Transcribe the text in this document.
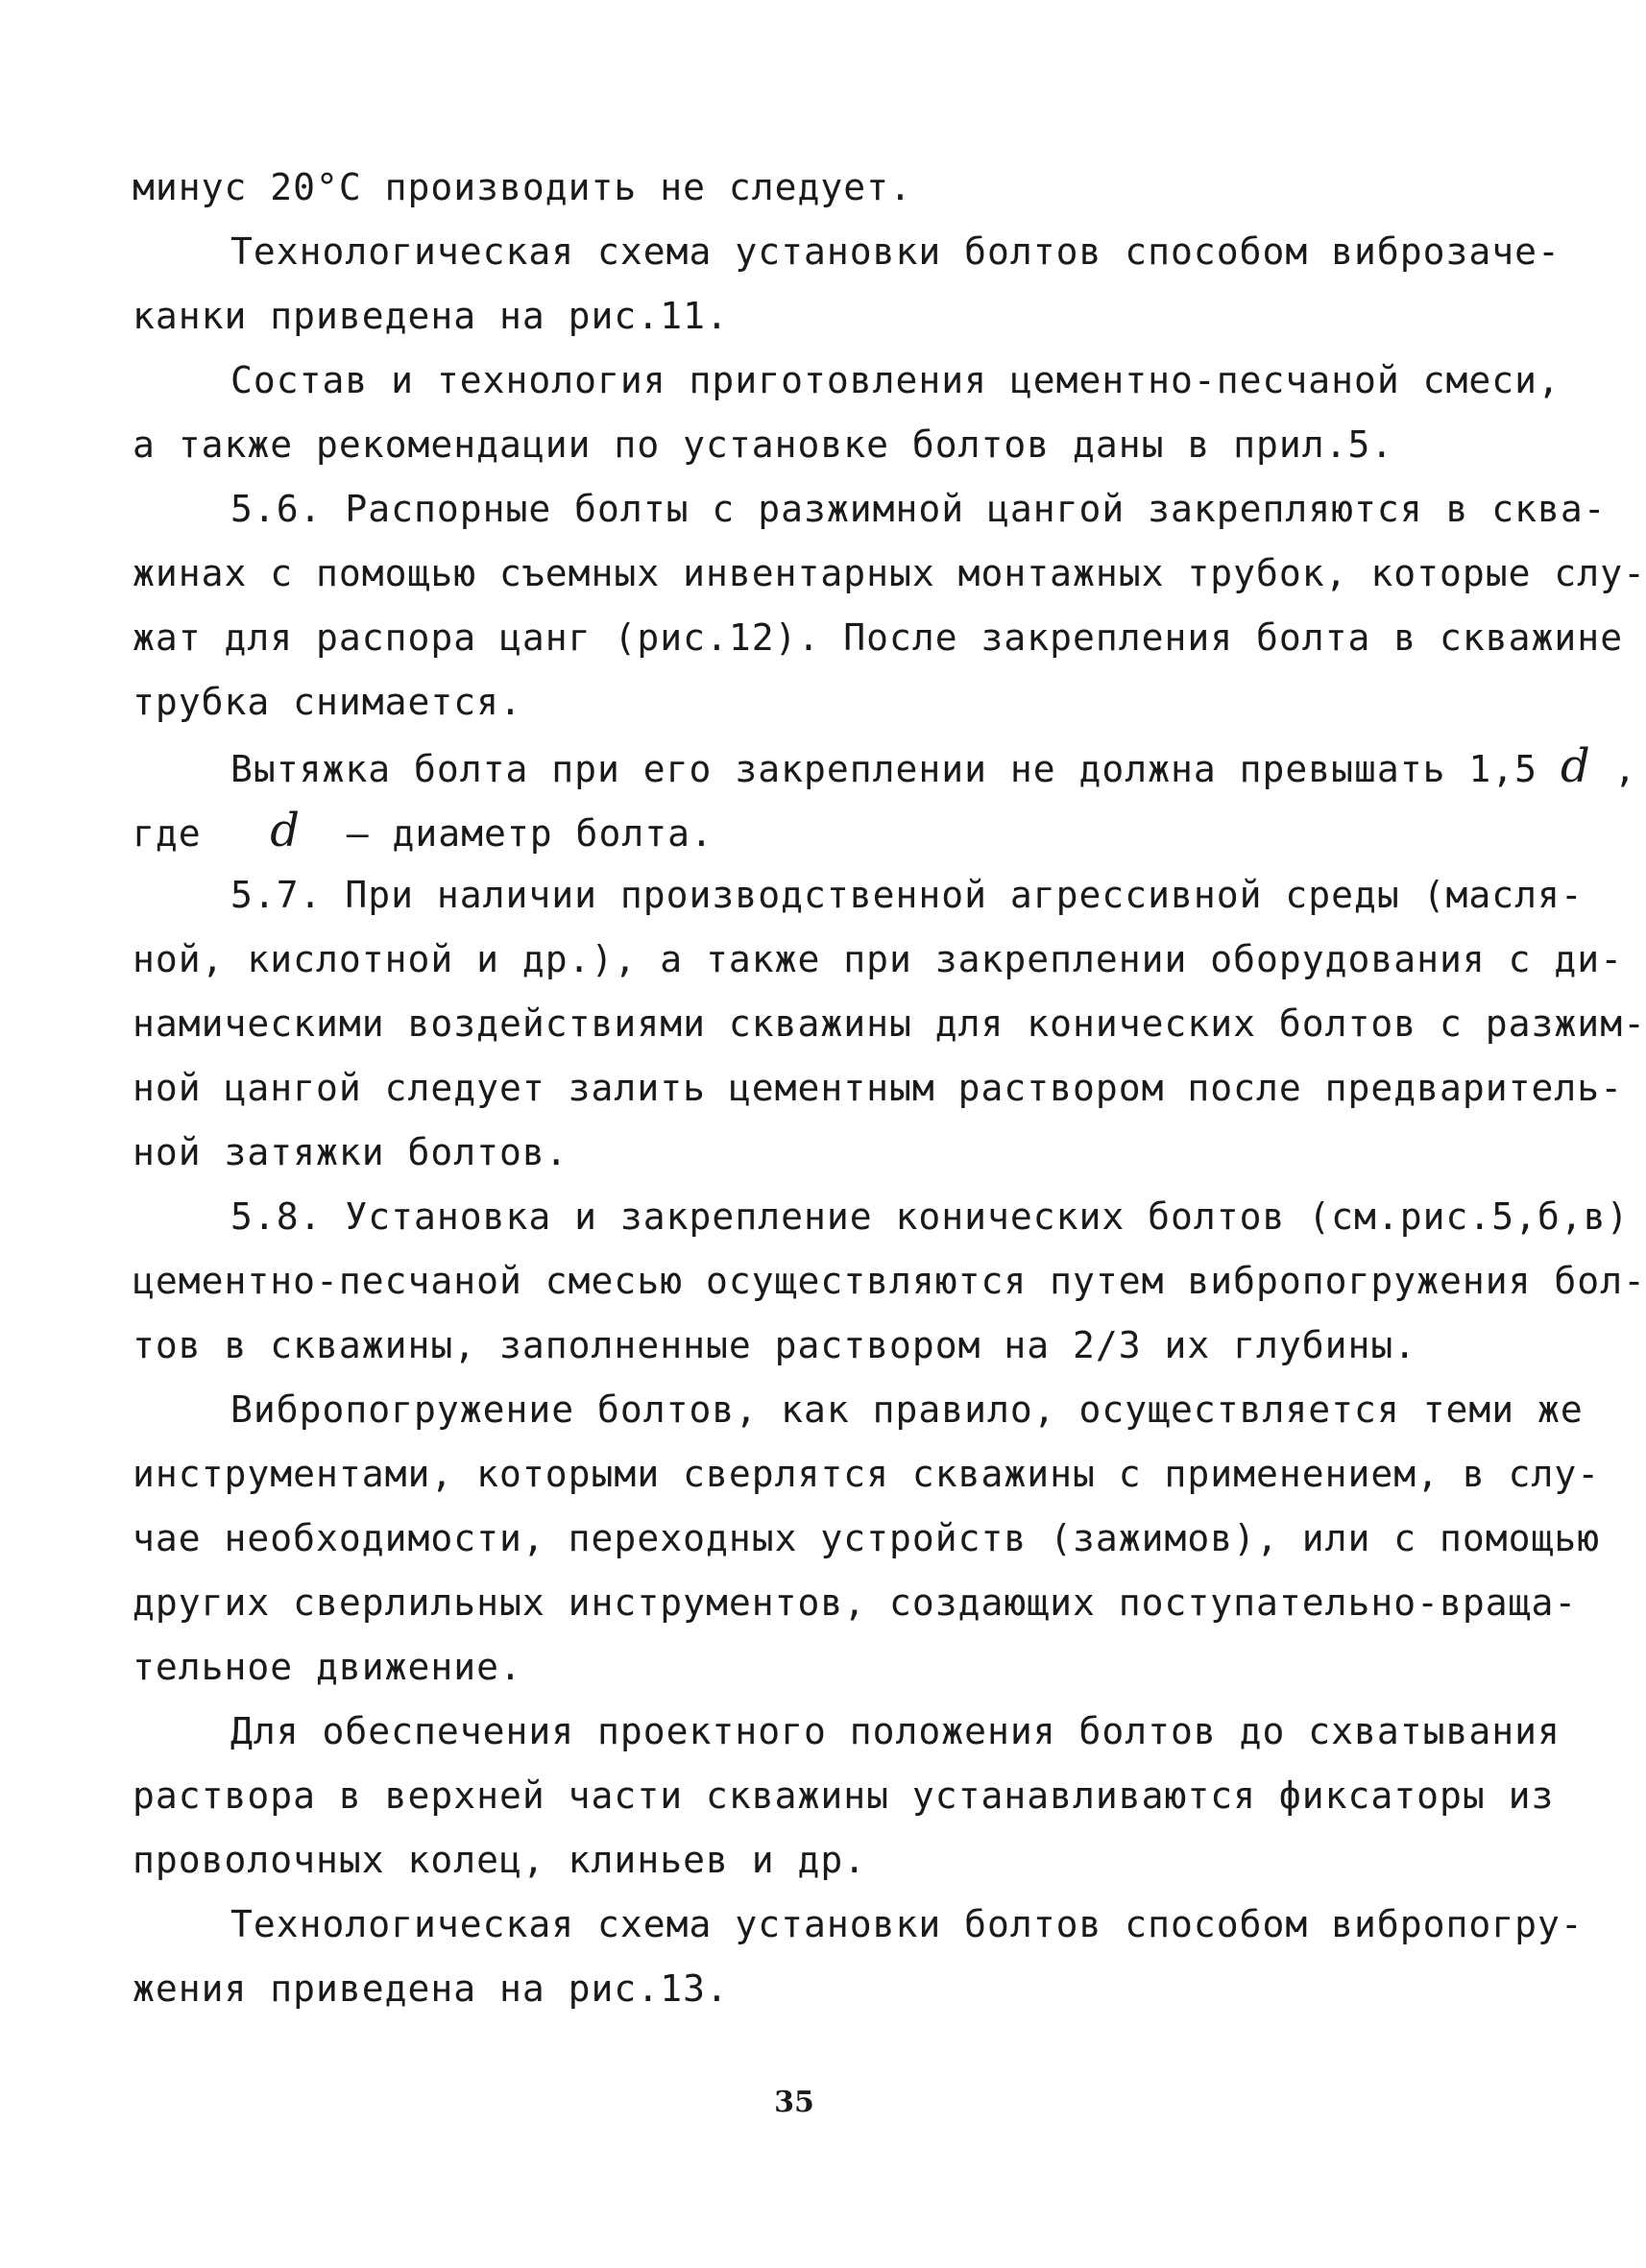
минус 20°С производить не следует.
Технологическая схема установки болтов способом виброзачe-
канки приведена на рис.11.
Состав и технология приготовления цементно-песчаной смеси,
а также рекомендации по установке болтов даны в прил.5.
5.6. Распорные болты с разжимной цангой закрепляются в сква-
жинах с помощью съемных инвентарных монтажных трубок, которые слу-
жат для распора цанг (рис.12). После закрепления болта в скважине
трубка снимается.
Вытяжка болта при его закреплении не должна превышать 1,5 d ,
где d – диаметр болта.
5.7. При наличии производственной агрессивной среды (масля-
ной, кислотной и др.), а также при закреплении оборудования с ди-
намическими воздействиями скважины для конических болтов с разжим-
ной цангой следует залить цементным раствором после предваритель-
ной затяжки болтов.
5.8. Установка и закрепление конических болтов (см.рис.5,б,в)
цементно-песчаной смесью осуществляются путем вибропогружения бол-
тов в скважины, заполненные раствором на 2/3 их глубины.
Вибропогружение болтов, как правило, осуществляется теми же
инструментами, которыми сверлятся скважины с применением, в слу-
чае необходимости, переходных устройств (зажимов), или с помощью
других сверлильных инструментов, создающих поступательно-враща-
тельное движение.
Для обеспечения проектного положения болтов до схватывания
раствора в верхней части скважины устанавливаются фиксаторы из
проволочных колец, клиньев и др.
Технологическая схема установки болтов способом вибропогру-
жения приведена на рис.13.
35
